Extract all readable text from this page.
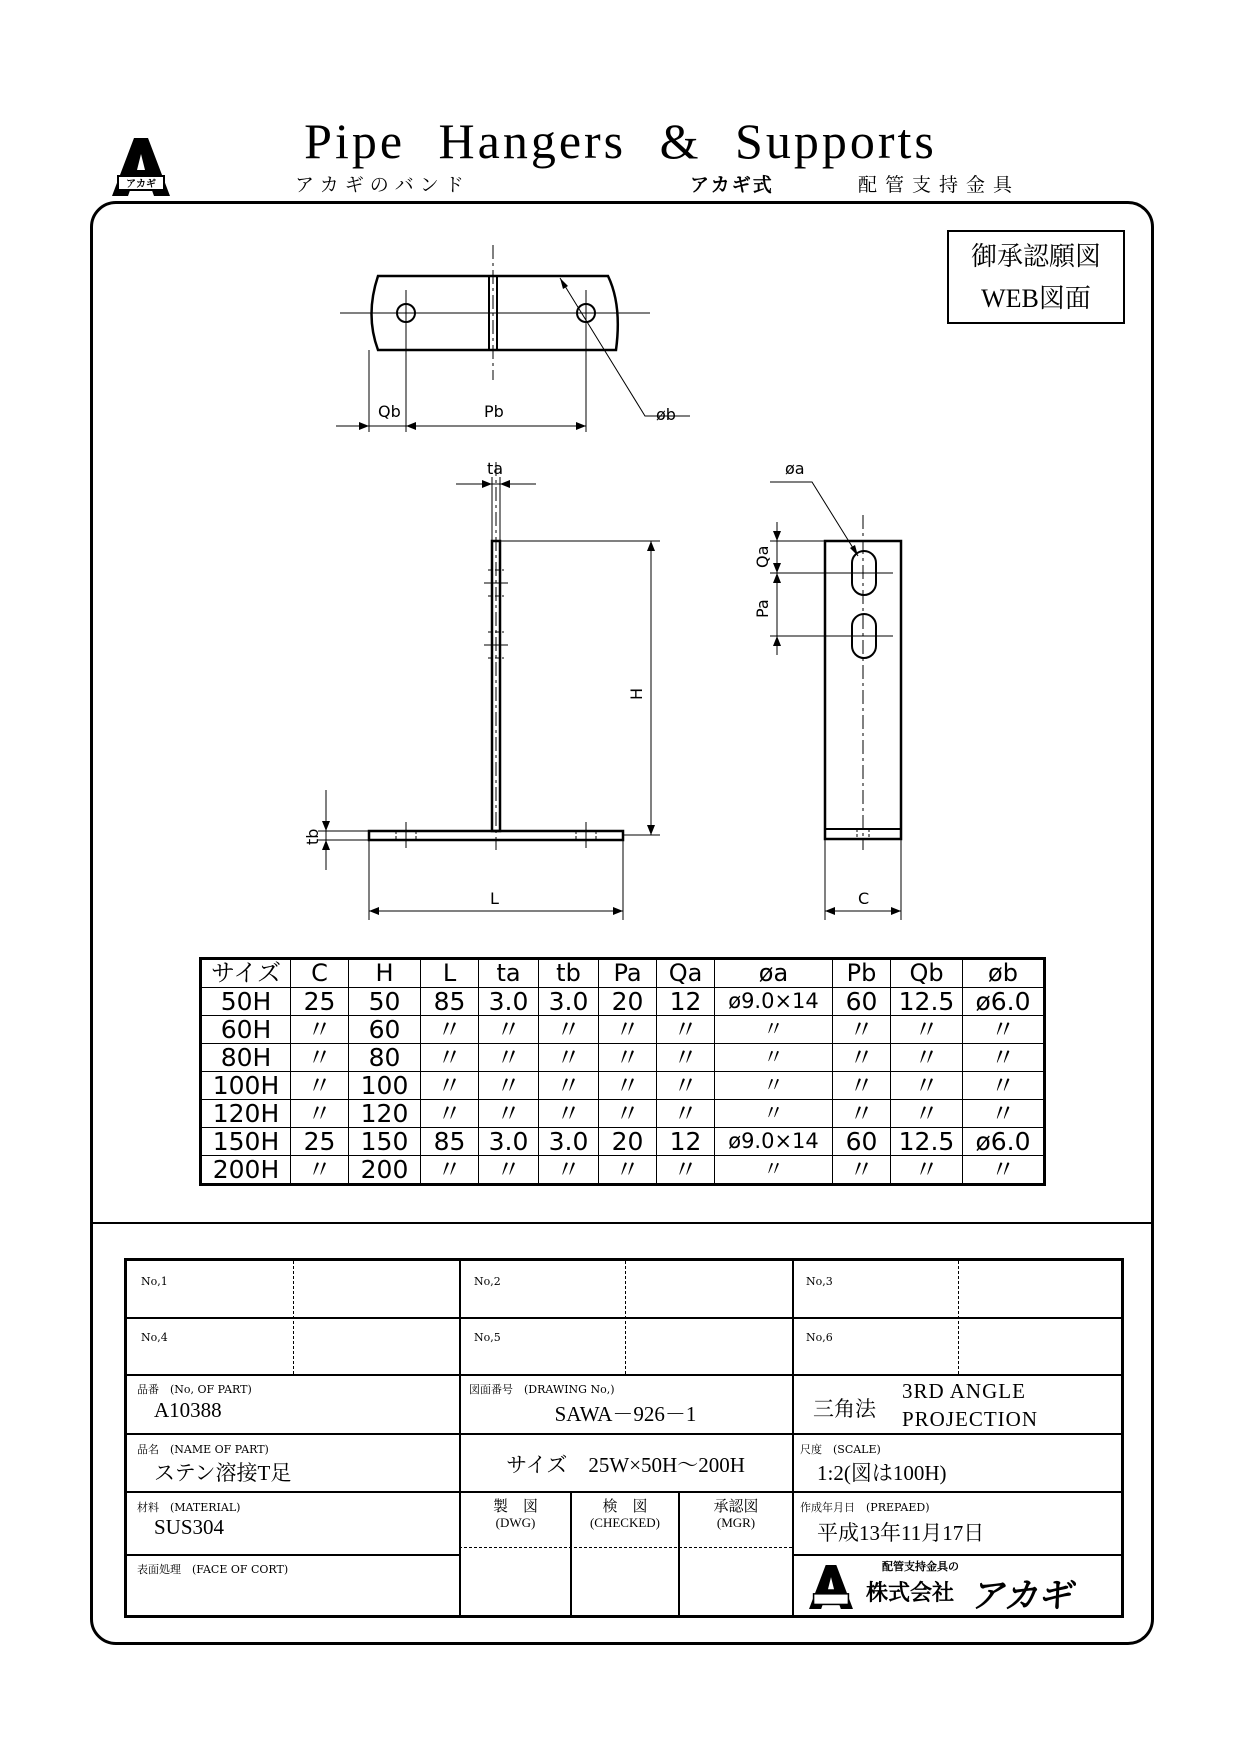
Pipe Hangers & Supports
アカギのバンド	アカギ式	配管支持金具
アカギ
御承認願図
WEB図面
Qb	Pb	øb
ta
H
tb
L
øa
Qa
Pa
C
サイズ	C	H	L	ta	tb	Pa	Qa	øa	Pb	Qb	øb
50H	25	50	85	3.0	3.0	20	12	ø9.0×14	60	12.5	ø6.0
60H	〃	60	〃	〃	〃	〃	〃	〃	〃	〃	〃
80H	〃	80	〃	〃	〃	〃	〃	〃	〃	〃	〃
100H	〃	100	〃	〃	〃	〃	〃	〃	〃	〃	〃
120H	〃	120	〃	〃	〃	〃	〃	〃	〃	〃	〃
150H	25	150	85	3.0	3.0	20	12	ø9.0×14	60	12.5	ø6.0
200H	〃	200	〃	〃	〃	〃	〃	〃	〃	〃	〃
No,1	No,2	No,3
No,4	No,5	No,6
品番　(No, OF PART)
A10388
図面番号　(DRAWING No,)
SAWA－926－1	三角法
3RD ANGLE
PROJECTION
品名　(NAME OF PART)
ステン溶接T足	サイズ　25W×50H～200H
尺度　(SCALE)
1:2(図は100H)
材料　(MATERIAL)
SUS304
製　図
(DWG)
検　図
(CHECKED)
承認図
(MGR)
作成年月日　(PREPAED)
平成13年11月17日
表面処理　(FACE OF CORT)	配管支持金具の
株式会社 アカギ
